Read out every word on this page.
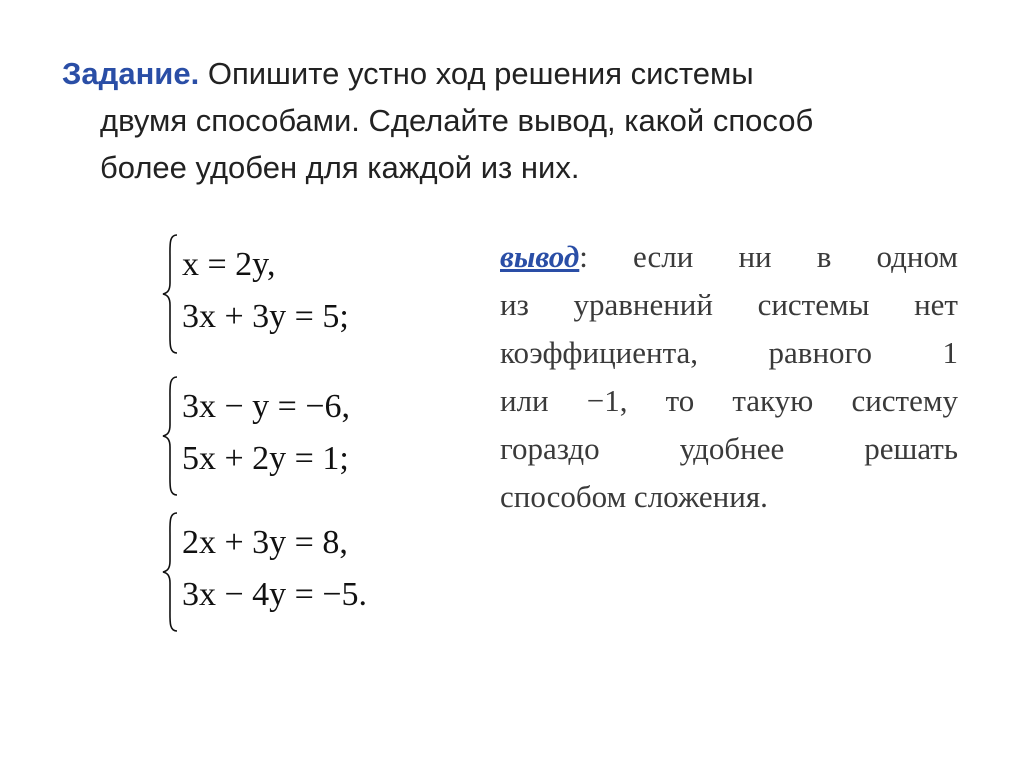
Задание. Опишите устно ход решения системы
двумя способами. Сделайте вывод, какой способ
более удобен для каждой из них.
x = 2y,
3x + 3y = 5;
3x − y = −6,
5x + 2y = 1;
2x + 3y = 8,
3x − 4y = −5.
вывод: если ни в одном
из уравнений системы нет
коэффициента, равного 1
или −1, то такую систему
гораздо	удобнее	решать
способом сложения.
